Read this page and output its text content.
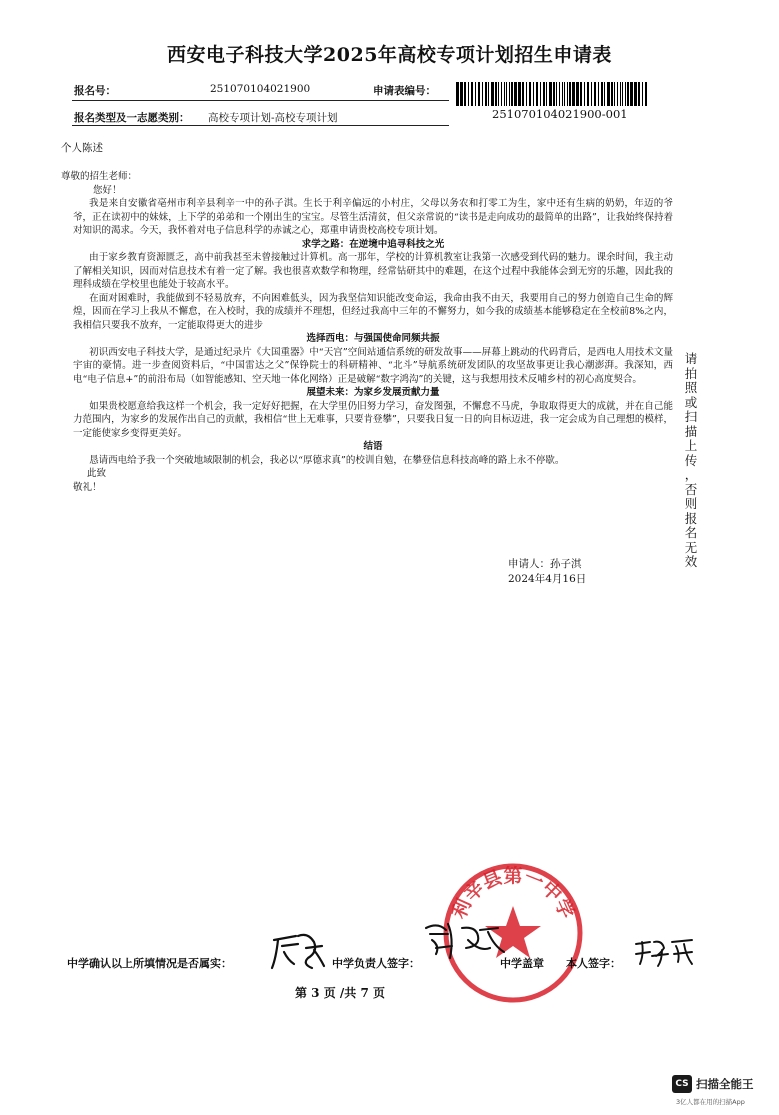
西安电子科技大学2025年高校专项计划招生申请表
报名号：	251070104021900	申请表编号：
251070104021900-001
报名类型及一志愿类别： 高校专项计划-高校专项计划
个人陈述

尊敬的招生老师：

您好！

我是来自安徽省亳州市利辛县利辛一中的孙子淇。生长于利辛偏远的小村庄，父母以务农和打零工为生，家中还有生病的奶奶，年迈的爷爷，正在读初中的妹妹，上下学的弟弟和一个刚出生的宝宝。尽管生活清贫，但父亲常说的“读书是走向成功的最简单的出路”，让我始终保持着对知识的渴求。今天，我怀着对电子信息科学的赤诚之心，郑重申请贵校高校专项计划。

求学之路：在逆境中追寻科技之光

由于家乡教育资源匮乏，高中前我甚至未曾接触过计算机。高一那年，学校的计算机教室让我第一次感受到代码的魅力。课余时间，我主动了解相关知识，因而对信息技术有着一定了解。我也很喜欢数学和物理，经常钻研其中的难题，在这个过程中我能体会到无穷的乐趣，因此我的理科成绩在学校里也能处于较高水平。

在面对困难时，我能做到不轻易放弃，不向困难低头，因为我坚信知识能改变命运，我命由我不由天，我要用自己的努力创造自己生命的辉煌，因而在学习上我从不懈怠，在入校时，我的成绩并不理想，但经过我高中三年的不懈努力，如今我的成绩基本能够稳定在全校前8%之内，我相信只要我不放弃，一定能取得更大的进步

选择西电：与强国使命同频共振

初识西安电子科技大学，是通过纪录片《大国重器》中“天宫”空间站通信系统的研发故事——屏幕上跳动的代码背后，是西电人用技术文量宇宙的豪情。进一步查阅资料后，“中国雷达之父”保铮院士的科研精神、“北斗”导航系统研发团队的攻坚故事更让我心潮澎湃。我深知，西电“电子信息+”的前沿布局（如智能感知、空天地一体化网络）正是破解“数字鸿沟”的关键，这与我想用技术反哺乡村的初心高度契合。

展望未来：为家乡发展贡献力量

如果贵校愿意给我这样一个机会，我一定好好把握，在大学里仍旧努力学习，奋发图强，不懈怠不马虎，争取取得更大的成就，并在自己能力范围内，为家乡的发展作出自己的贡献，我相信“世上无难事，只要肯登攀”，只要我日复一日的向目标迈进，我一定会成为自己理想的模样，一定能使家乡变得更美好。

结语

恳请西电给予我一个突破地域限制的机会，我必以“厚德求真”的校训自勉，在攀登信息科技高峰的路上永不停歇。

此致

敬礼！

申请人：孙子淇
2024年4月16日
请
拍
照
或
扫
描
上
传
，
否
则
报
名
无
效
利辛县第一中学
中学确认以上所填情况是否属实：	中学负责人签字：	中学盖章 本人签字：
第 3 页 /共 7 页
CS 扫描全能王
3亿人都在用的扫描App
